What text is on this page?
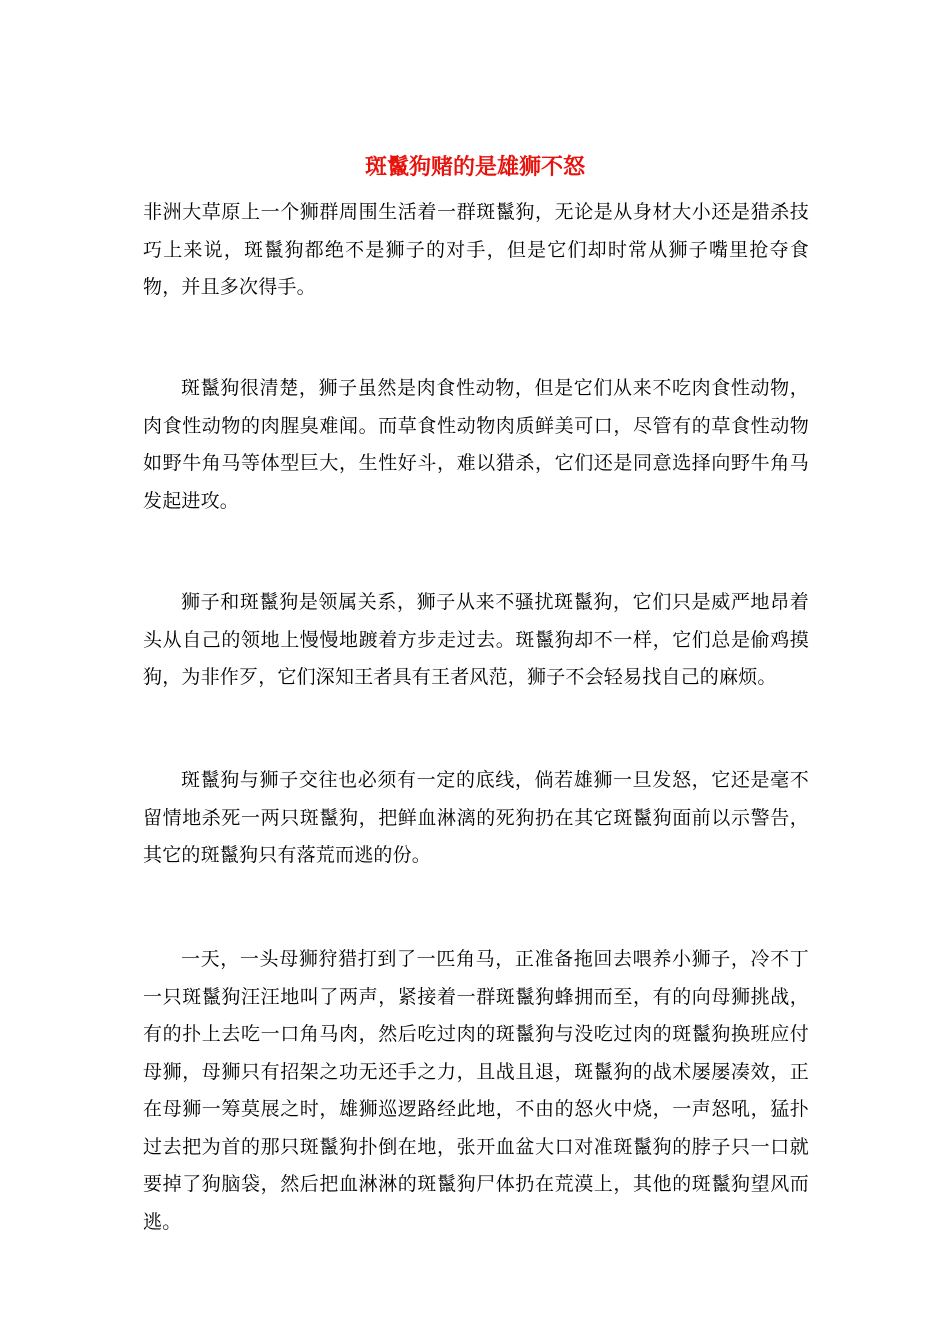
斑鬣狗赌的是雄狮不怒

非洲大草原上一个狮群周围生活着一群斑鬣狗，无论是从身材大小还是猎杀技巧上来说，斑鬣狗都绝不是狮子的对手，但是它们却时常从狮子嘴里抢夺食物，并且多次得手。

斑鬣狗很清楚，狮子虽然是肉食性动物，但是它们从来不吃肉食性动物，肉食性动物的肉腥臭难闻。而草食性动物肉质鲜美可口，尽管有的草食性动物如野牛角马等体型巨大，生性好斗，难以猎杀，它们还是同意选择向野牛角马发起进攻。

狮子和斑鬣狗是领属关系，狮子从来不骚扰斑鬣狗，它们只是威严地昂着头从自己的领地上慢慢地踱着方步走过去。斑鬣狗却不一样，它们总是偷鸡摸狗，为非作歹，它们深知王者具有王者风范，狮子不会轻易找自己的麻烦。

斑鬣狗与狮子交往也必须有一定的底线，倘若雄狮一旦发怒，它还是毫不留情地杀死一两只斑鬣狗，把鲜血淋漓的死狗扔在其它斑鬣狗面前以示警告，其它的斑鬣狗只有落荒而逃的份。

一天，一头母狮狩猎打到了一匹角马，正准备拖回去喂养小狮子，冷不丁一只斑鬣狗汪汪地叫了两声，紧接着一群斑鬣狗蜂拥而至，有的向母狮挑战，有的扑上去吃一口角马肉，然后吃过肉的斑鬣狗与没吃过肉的斑鬣狗换班应付母狮，母狮只有招架之功无还手之力，且战且退，斑鬣狗的战术屡屡凑效，正在母狮一筹莫展之时，雄狮巡逻路经此地，不由的怒火中烧，一声怒吼，猛扑过去把为首的那只斑鬣狗扑倒在地，张开血盆大口对准斑鬣狗的脖子只一口就要掉了狗脑袋，然后把血淋淋的斑鬣狗尸体扔在荒漠上，其他的斑鬣狗望风而逃。
